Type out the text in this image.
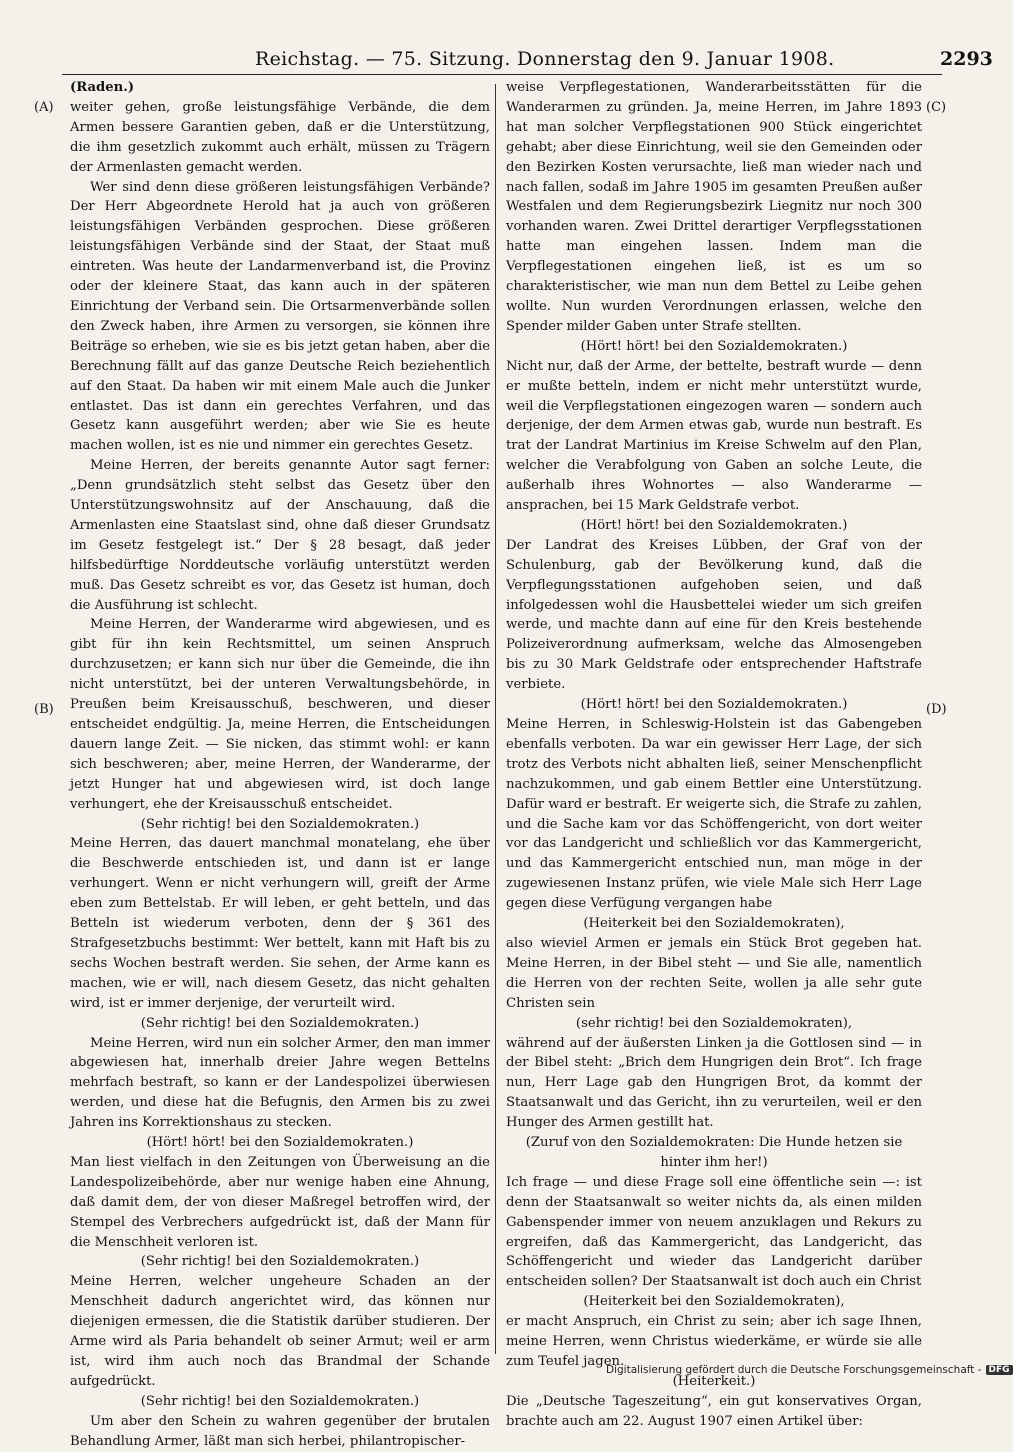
Reichstag. — 75. Sitzung. Donnerstag den 9. Januar 1908.	2293
(A)
(B)
(C)
(D)

(Raden.)

weiter gehen, große leistungsfähige Verbände, die dem Armen bessere Garantien geben, daß er die Unterstützung, die ihm gesetzlich zukommt auch erhält, müssen zu Trägern der Armenlasten gemacht werden.

Wer sind denn diese größeren leistungsfähigen Verbände? Der Herr Abgeordnete Herold hat ja auch von größeren leistungsfähigen Verbänden gesprochen. Diese größeren leistungsfähigen Verbände sind der Staat, der Staat muß eintreten. Was heute der Landarmenverband ist, die Provinz oder der kleinere Staat, das kann auch in der späteren Einrichtung der Verband sein. Die Ortsarmenverbände sollen den Zweck haben, ihre Armen zu versorgen, sie können ihre Beiträge so erheben, wie sie es bis jetzt getan haben, aber die Berechnung fällt auf das ganze Deutsche Reich beziehentlich auf den Staat. Da haben wir mit einem Male auch die Junker entlastet. Das ist dann ein gerechtes Verfahren, und das Gesetz kann ausgeführt werden; aber wie Sie es heute machen wollen, ist es nie und nimmer ein gerechtes Gesetz.

Meine Herren, der bereits genannte Autor sagt ferner: „Denn grundsätzlich steht selbst das Gesetz über den Unterstützungswohnsitz auf der Anschauung, daß die Armenlasten eine Staatslast sind, ohne daß dieser Grundsatz im Gesetz festgelegt ist.“ Der § 28 besagt, daß jeder hilfsbedürftige Norddeutsche vorläufig unterstützt werden muß. Das Gesetz schreibt es vor, das Gesetz ist human, doch die Ausführung ist schlecht.

Meine Herren, der Wanderarme wird abgewiesen, und es gibt für ihn kein Rechtsmittel, um seinen Anspruch durchzusetzen; er kann sich nur über die Gemeinde, die ihn nicht unterstützt, bei der unteren Verwaltungsbehörde, in Preußen beim Kreisausschuß, beschweren, und dieser entscheidet endgültig. Ja, meine Herren, die Entscheidungen dauern lange Zeit. — Sie nicken, das stimmt wohl: er kann sich beschweren; aber, meine Herren, der Wanderarme, der jetzt Hunger hat und abgewiesen wird, ist doch lange verhungert, ehe der Kreisausschuß entscheidet.

(Sehr richtig! bei den Sozialdemokraten.)

Meine Herren, das dauert manchmal monatelang, ehe über die Beschwerde entschieden ist, und dann ist er lange verhungert. Wenn er nicht verhungern will, greift der Arme eben zum Bettelstab. Er will leben, er geht betteln, und das Betteln ist wiederum verboten, denn der § 361 des Strafgesetzbuchs bestimmt: Wer bettelt, kann mit Haft bis zu sechs Wochen bestraft werden. Sie sehen, der Arme kann es machen, wie er will, nach diesem Gesetz, das nicht gehalten wird, ist er immer derjenige, der verurteilt wird.

(Sehr richtig! bei den Sozialdemokraten.)

Meine Herren, wird nun ein solcher Armer, den man immer abgewiesen hat, innerhalb dreier Jahre wegen Bettelns mehrfach bestraft, so kann er der Landespolizei überwiesen werden, und diese hat die Befugnis, den Armen bis zu zwei Jahren ins Korrektionshaus zu stecken.

(Hört! hört! bei den Sozialdemokraten.)

Man liest vielfach in den Zeitungen von Überweisung an die Landespolizeibehörde, aber nur wenige haben eine Ahnung, daß damit dem, der von dieser Maßregel betroffen wird, der Stempel des Verbrechers aufgedrückt ist, daß der Mann für die Menschheit verloren ist.

(Sehr richtig! bei den Sozialdemokraten.)

Meine Herren, welcher ungeheure Schaden an der Menschheit dadurch angerichtet wird, das können nur diejenigen ermessen, die die Statistik darüber studieren. Der Arme wird als Paria behandelt ob seiner Armut; weil er arm ist, wird ihm auch noch das Brandmal der Schande aufgedrückt.

(Sehr richtig! bei den Sozialdemokraten.)

Um aber den Schein zu wahren gegenüber der brutalen Behandlung Armer, läßt man sich herbei, philantropischer-

weise Verpflegestationen, Wanderarbeitsstätten für die Wanderarmen zu gründen. Ja, meine Herren, im Jahre 1893 hat man solcher Verpflegstationen 900 Stück eingerichtet gehabt; aber diese Einrichtung, weil sie den Gemeinden oder den Bezirken Kosten verursachte, ließ man wieder nach und nach fallen, sodaß im Jahre 1905 im gesamten Preußen außer Westfalen und dem Regierungsbezirk Liegnitz nur noch 300 vorhanden waren. Zwei Drittel derartiger Verpflegsstationen hatte man eingehen lassen. Indem man die Verpflegestationen eingehen ließ, ist es um so charakteristischer, wie man nun dem Bettel zu Leibe gehen wollte. Nun wurden Verordnungen erlassen, welche den Spender milder Gaben unter Strafe stellten.

(Hört! hört! bei den Sozialdemokraten.)

Nicht nur, daß der Arme, der bettelte, bestraft wurde — denn er mußte betteln, indem er nicht mehr unterstützt wurde, weil die Verpflegstationen eingezogen waren — sondern auch derjenige, der dem Armen etwas gab, wurde nun bestraft. Es trat der Landrat Martinius im Kreise Schwelm auf den Plan, welcher die Verabfolgung von Gaben an solche Leute, die außerhalb ihres Wohnortes — also Wanderarme — ansprachen, bei 15 Mark Geldstrafe verbot.

(Hört! hört! bei den Sozialdemokraten.)

Der Landrat des Kreises Lübben, der Graf von der Schulenburg, gab der Bevölkerung kund, daß die Verpflegungsstationen aufgehoben seien, und daß infolgedessen wohl die Hausbettelei wieder um sich greifen werde, und machte dann auf eine für den Kreis bestehende Polizeiverordnung aufmerksam, welche das Almosengeben bis zu 30 Mark Geldstrafe oder entsprechender Haftstrafe verbiete.

(Hört! hört! bei den Sozialdemokraten.)

Meine Herren, in Schleswig-Holstein ist das Gabengeben ebenfalls verboten. Da war ein gewisser Herr Lage, der sich trotz des Verbots nicht abhalten ließ, seiner Menschenpflicht nachzukommen, und gab einem Bettler eine Unterstützung. Dafür ward er bestraft. Er weigerte sich, die Strafe zu zahlen, und die Sache kam vor das Schöffengericht, von dort weiter vor das Landgericht und schließlich vor das Kammergericht, und das Kammergericht entschied nun, man möge in der zugewiesenen Instanz prüfen, wie viele Male sich Herr Lage gegen diese Verfügung vergangen habe

(Heiterkeit bei den Sozialdemokraten),

also wieviel Armen er jemals ein Stück Brot gegeben hat. Meine Herren, in der Bibel steht — und Sie alle, namentlich die Herren von der rechten Seite, wollen ja alle sehr gute Christen sein

(sehr richtig! bei den Sozialdemokraten),

während auf der äußersten Linken ja die Gottlosen sind — in der Bibel steht: „Brich dem Hungrigen dein Brot“. Ich frage nun, Herr Lage gab den Hungrigen Brot, da kommt der Staatsanwalt und das Gericht, ihn zu verurteilen, weil er den Hunger des Armen gestillt hat.

(Zuruf von den Sozialdemokraten: Die Hunde hetzen sie hinter ihm her!)

Ich frage — und diese Frage soll eine öffentliche sein —: ist denn der Staatsanwalt so weiter nichts da, als einen milden Gabenspender immer von neuem anzuklagen und Rekurs zu ergreifen, daß das Kammergericht, das Landgericht, das Schöffengericht und wieder das Landgericht darüber entscheiden sollen? Der Staatsanwalt ist doch auch ein Christ

(Heiterkeit bei den Sozialdemokraten),

er macht Anspruch, ein Christ zu sein; aber ich sage Ihnen, meine Herren, wenn Christus wiederkäme, er würde sie alle zum Teufel jagen.

(Heiterkeit.)

Die „Deutsche Tageszeitung“, ein gut konservatives Organ, brachte auch am 22. August 1907 einen Artikel über:

Digitalisierung gefördert durch die Deutsche Forschungsgemeinschaft - DFG
